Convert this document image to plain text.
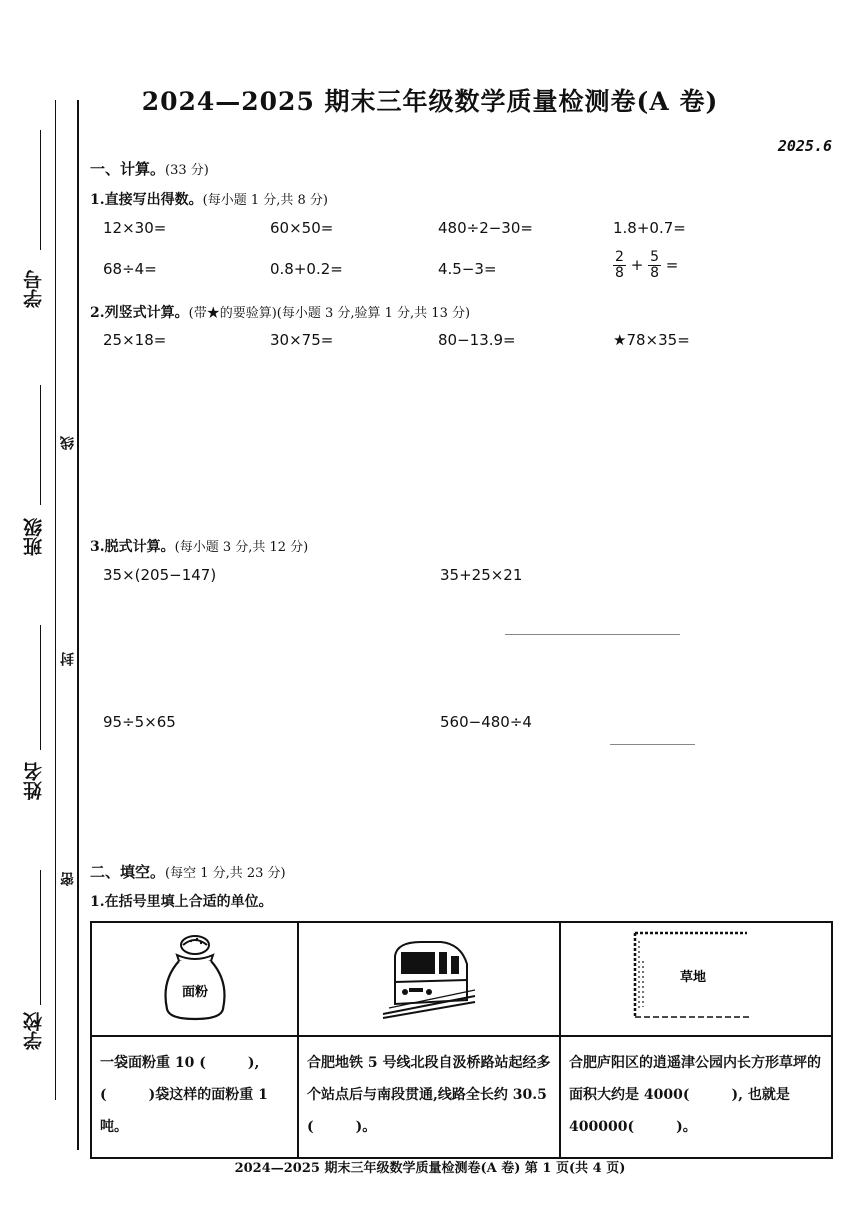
2024—2025 期末三年级数学质量检测卷(A 卷)
2025.6
学号
班级
姓名
学校
线
封
密
一、计算。(33 分)
1.直接写出得数。(每小题 1 分,共 8 分)
12×30=	60×50=	480÷2−30=	1.8+0.7=
68÷4=	0.8+0.2=	4.5−3=	$\frac{2}{8} + \frac{5}{8}$ =
2.列竖式计算。(带★的要验算)(每小题 3 分,验算 1 分,共 13 分)
25×18=	30×75=	80−13.9=	★78×35=
3.脱式计算。(每小题 3 分,共 12 分)
35×(205−147)	35+25×21
95÷5×65	560−480÷4
二、填空。(每空 1 分,共 23 分)
1.在括号里填上合适的单位。
面粉		草地

一袋面粉重 10 (　　　), (　　　)袋这样的面粉重 1 吨。	合肥地铁 5 号线北段自汲桥路站起经多个站点后与南段贯通,线路全长约 30.5 (　　　)。	合肥庐阳区的逍遥津公园内长方形草坪的面积大约是 4000(　　　), 也就是 400000(　　　)。
2024—2025 期末三年级数学质量检测卷(A 卷) 第 1 页(共 4 页)
